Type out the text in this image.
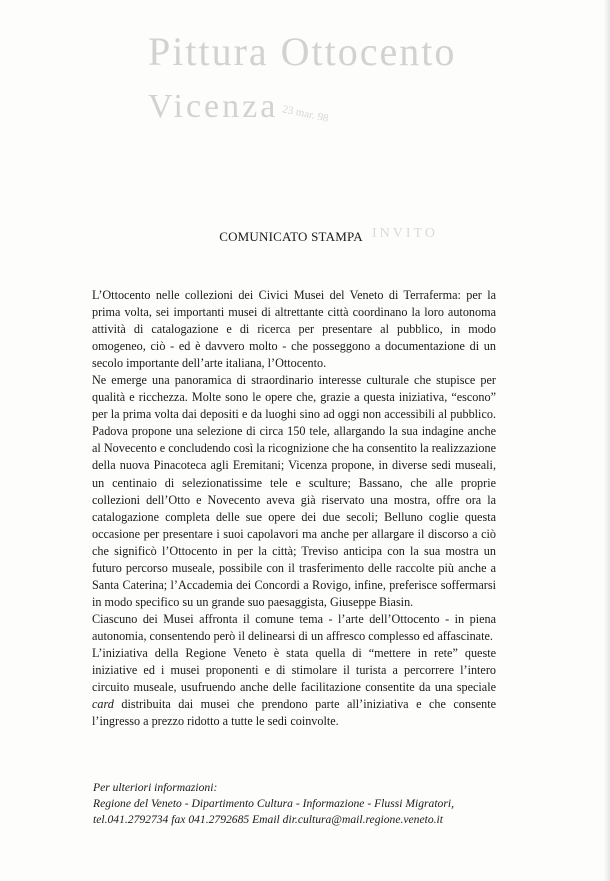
Pittura Ottocento
Vicenza
INVITO
23 mar. 98
COMUNICATO STAMPA

L’Ottocento nelle collezioni dei Civici Musei del Veneto di Terraferma: per la prima volta, sei importanti musei di altrettante città coordinano la loro autonoma attività di catalogazione e di ricerca per presentare al pubblico, in modo omogeneo, ciò - ed è davvero molto - che posseggono a documentazione di un secolo importante dell’arte italiana, l’Ottocento.

Ne emerge una panoramica di straordinario interesse culturale che stupisce per qualità e ricchezza. Molte sono le opere che, grazie a questa iniziativa, “escono” per la prima volta dai depositi e da luoghi sino ad oggi non accessibili al pubblico. Padova propone una selezione di circa 150 tele, allargando la sua indagine anche al Novecento e concludendo così la ricognizione che ha consentito la realizzazione della nuova Pinacoteca agli Eremitani; Vicenza propone, in diverse sedi museali, un centinaio di selezionatissime tele e sculture; Bassano, che alle proprie collezioni dell’Otto e Novecento aveva già riservato una mostra, offre ora la catalogazione completa delle sue opere dei due secoli; Belluno coglie questa occasione per presentare i suoi capolavori ma anche per allargare il discorso a ciò che significò l’Ottocento in per la città; Treviso anticipa con la sua mostra un futuro percorso museale, possibile con il trasferimento delle raccolte più anche a Santa Caterina; l’Accademia dei Concordi a Rovigo, infine, preferisce soffermarsi in modo specifico su un grande suo paesaggista, Giuseppe Biasin.

Ciascuno dei Musei affronta il comune tema - l’arte dell’Ottocento - in piena autonomia, consentendo però il delinearsi di un affresco complesso ed affascinate.

L’iniziativa della Regione Veneto è stata quella di “mettere in rete” queste iniziative ed i musei proponenti e di stimolare il turista a percorrere l’intero circuito museale, usufruendo anche delle facilitazione consentite da una speciale card distribuita dai musei che prendono parte all’iniziativa e che consente l’ingresso a prezzo ridotto a tutte le sedi coinvolte.

Per ulteriori informazioni:
Regione del Veneto - Dipartimento Cultura - Informazione - Flussi Migratori,
tel.041.2792734 fax 041.2792685 Email dir.cultura@mail.regione.veneto.it
